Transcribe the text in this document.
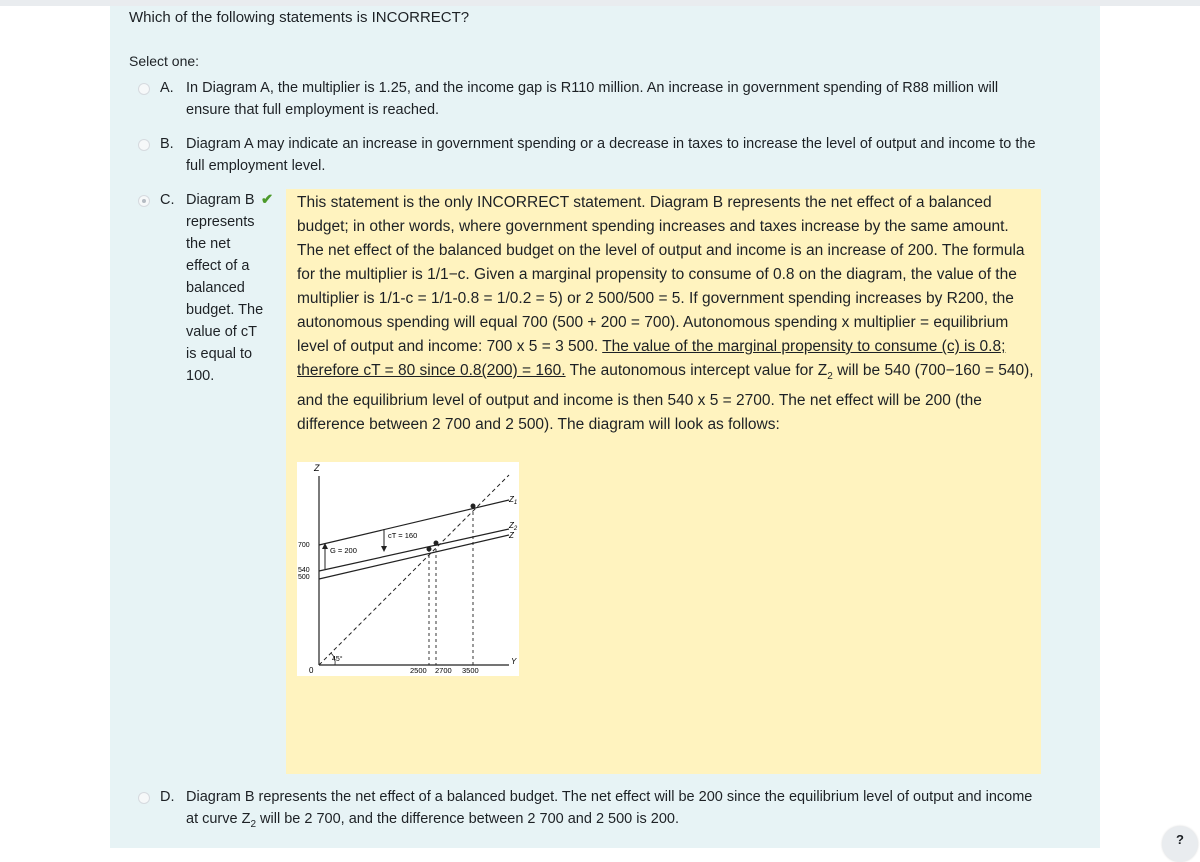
Which of the following statements is INCORRECT?
Select one:
A. In Diagram A, the multiplier is 1.25, and the income gap is R110 million. An increase in government spending of R88 million will ensure that full employment is reached.
B. Diagram A may indicate an increase in government spending or a decrease in taxes to increase the level of output and income to the full employment level.
C. Diagram B represents the net effect of a balanced budget. The value of cT is equal to 100.
✔ This statement is the only INCORRECT statement. Diagram B represents the net effect of a balanced budget; in other words, where government spending increases and taxes increase by the same amount. The net effect of the balanced budget on the level of output and income is an increase of 200. The formula for the multiplier is 1/1−c. Given a marginal propensity to consume of 0.8 on the diagram, the value of the multiplier is 1/1-c = 1/1-0.8 = 1/0.2 = 5) or 2 500/500 = 5. If government spending increases by R200, the autonomous spending will equal 700 (500 + 200 = 700). Autonomous spending x multiplier = equilibrium level of output and income: 700 x 5 = 3 500. The value of the marginal propensity to consume (c) is 0.8; therefore cT = 80 since 0.8(200) = 160. The autonomous intercept value for $Z_2$ will be 540 (700−160 = 540), and the equilibrium level of output and income is then 540 x 5 = 2700. The net effect will be 200 (the difference between 2 700 and 2 500). The diagram will look as follows:
Z
Y
0
45°
$Z_1$
$Z_2$
Z
700
540
500
G = 200
cT = 160
2500 2700 3500
D. Diagram B represents the net effect of a balanced budget. The net effect will be 200 since the equilibrium level of output and income at curve $Z_2$ will be 2 700, and the difference between 2 700 and 2 500 is 200.
?
